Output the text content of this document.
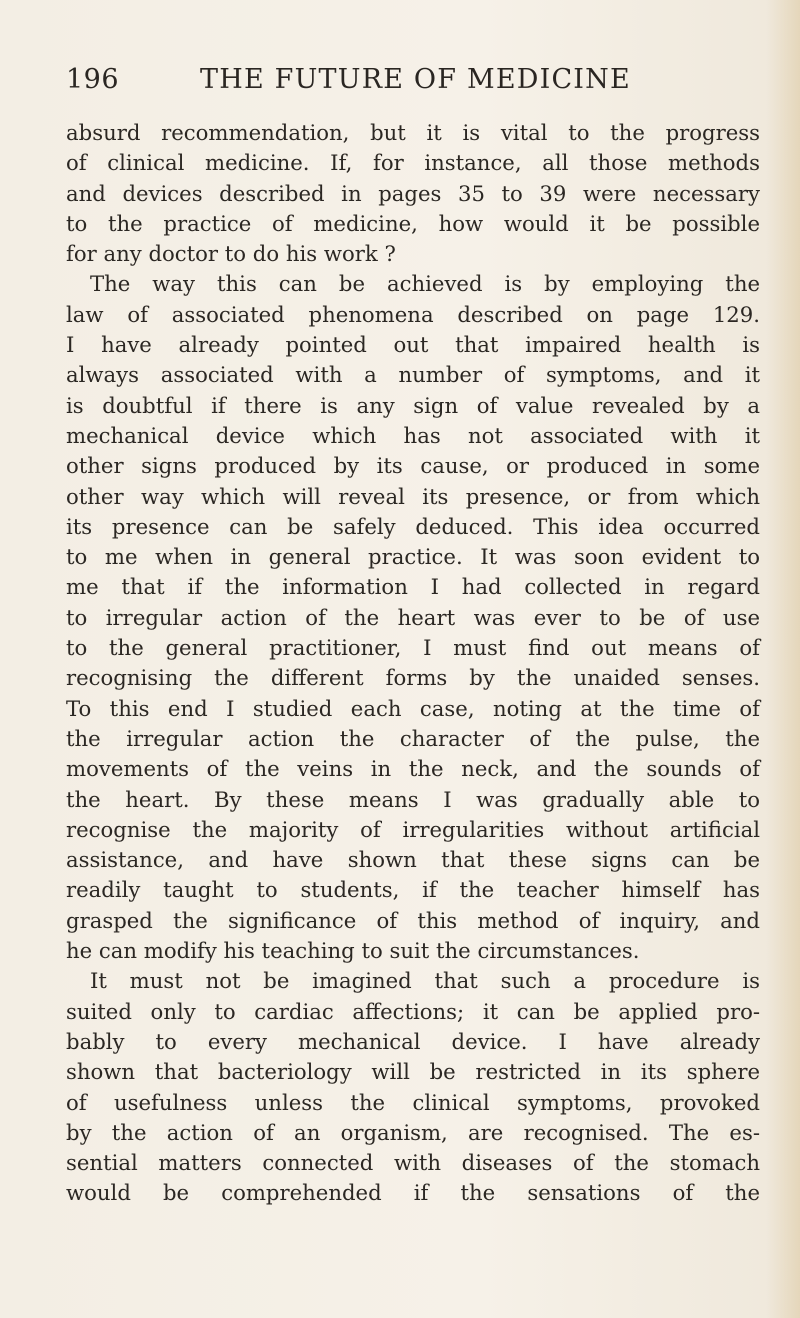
196	THE FUTURE OF MEDICINE
absurd recommendation, but it is vital to the progress
of clinical medicine. If, for instance, all those methods
and devices described in pages 35 to 39 were necessary
to the practice of medicine, how would it be possible
for any doctor to do his work ?
The way this can be achieved is by employing the
law of associated phenomena described on page 129.
I have already pointed out that impaired health is
always associated with a number of symptoms, and it
is doubtful if there is any sign of value revealed by a
mechanical device which has not associated with it
other signs produced by its cause, or produced in some
other way which will reveal its presence, or from which
its presence can be safely deduced. This idea occurred
to me when in general practice. It was soon evident to
me that if the information I had collected in regard
to irregular action of the heart was ever to be of use
to the general practitioner, I must find out means of
recognising the different forms by the unaided senses.
To this end I studied each case, noting at the time of
the irregular action the character of the pulse, the
movements of the veins in the neck, and the sounds of
the heart. By these means I was gradually able to
recognise the majority of irregularities without artificial
assistance, and have shown that these signs can be
readily taught to students, if the teacher himself has
grasped the significance of this method of inquiry, and
he can modify his teaching to suit the circumstances.
It must not be imagined that such a procedure is
suited only to cardiac affections; it can be applied pro-
bably to every mechanical device. I have already
shown that bacteriology will be restricted in its sphere
of usefulness unless the clinical symptoms, provoked
by the action of an organism, are recognised. The es-
sential matters connected with diseases of the stomach
would be comprehended if the sensations of the
